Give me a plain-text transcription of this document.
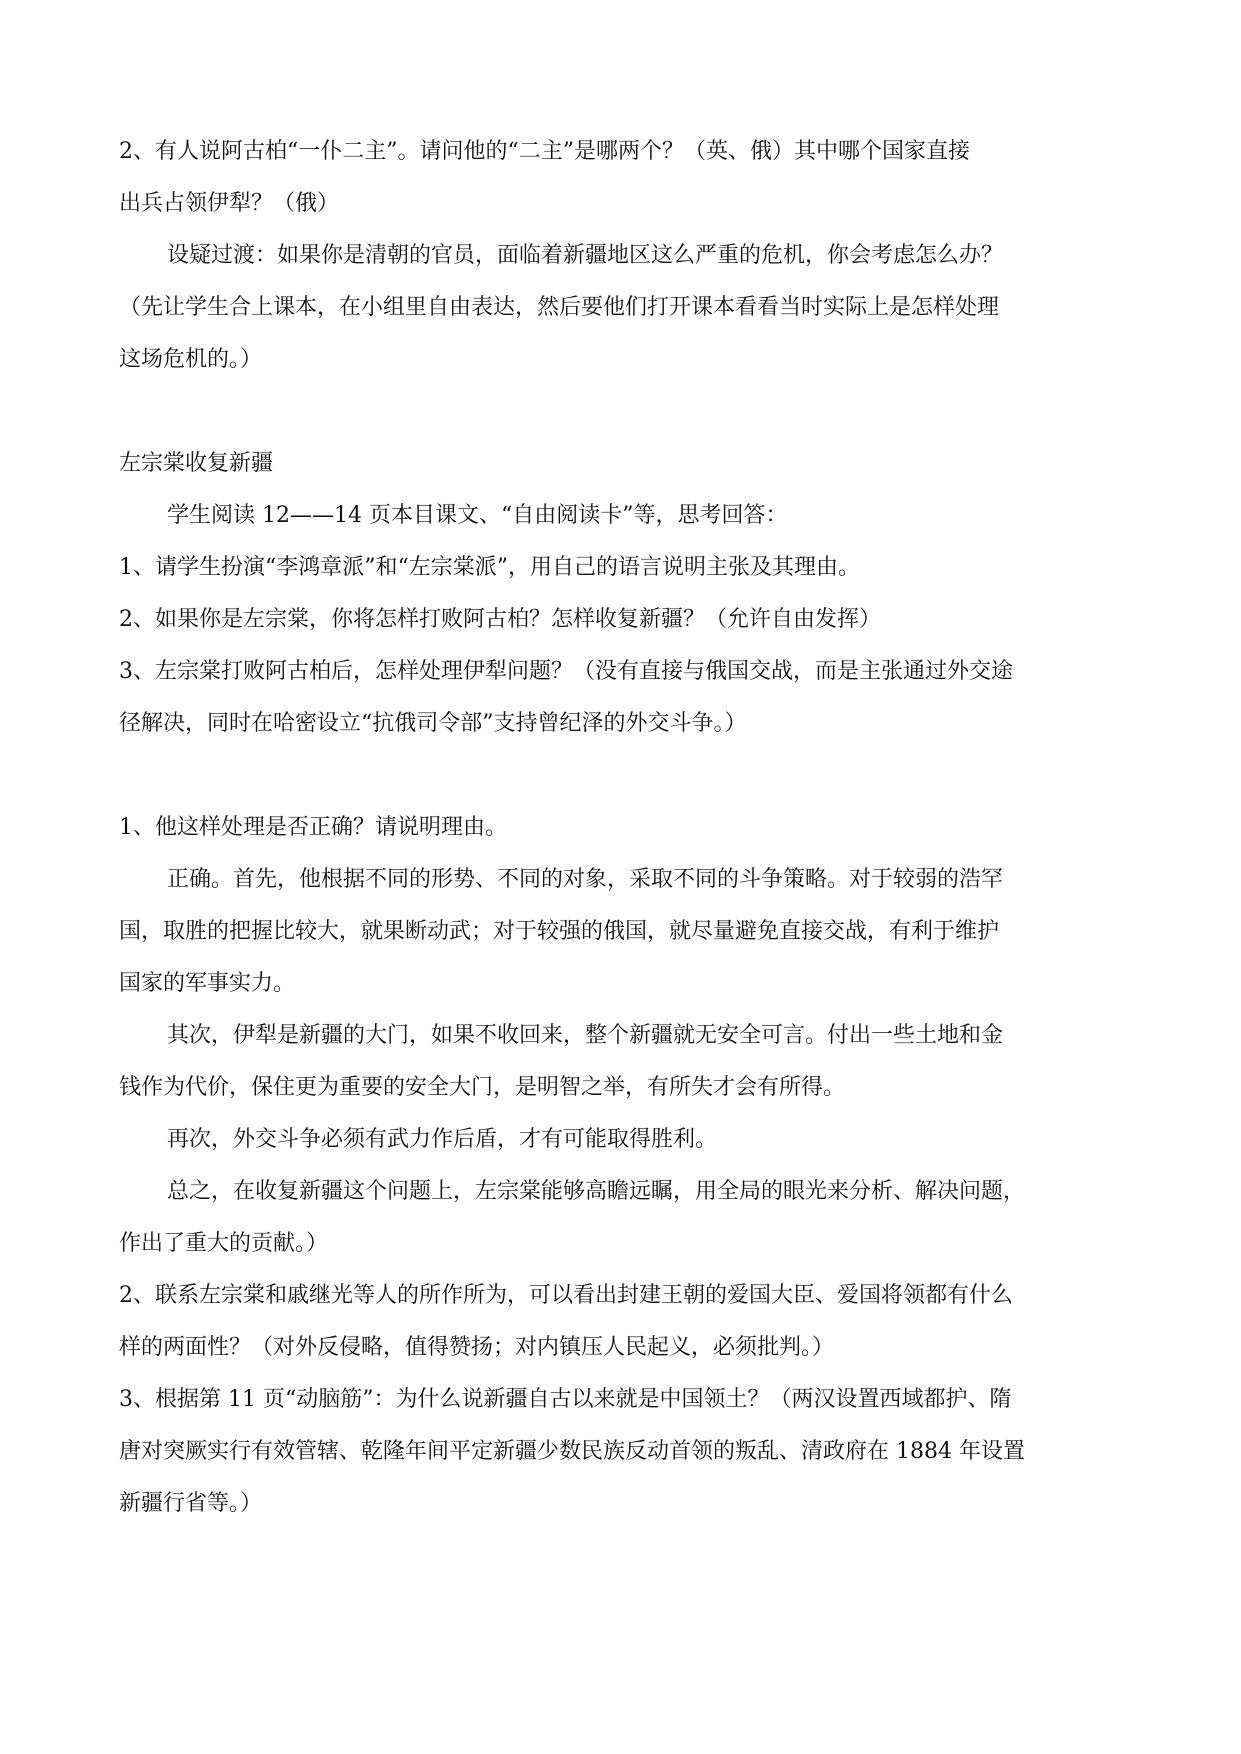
2、有人说阿古柏“一仆二主”。请问他的“二主”是哪两个？（英、俄）其中哪个国家直接
出兵占领伊犁？（俄）
设疑过渡：如果你是清朝的官员，面临着新疆地区这么严重的危机，你会考虑怎么办？
（先让学生合上课本，在小组里自由表达，然后要他们打开课本看看当时实际上是怎样处理
这场危机的。）
左宗棠收复新疆
学生阅读 12——14 页本目课文、“自由阅读卡”等，思考回答：
1、请学生扮演“李鸿章派”和“左宗棠派”，用自己的语言说明主张及其理由。
2、如果你是左宗棠，你将怎样打败阿古柏？怎样收复新疆？（允许自由发挥）
3、左宗棠打败阿古柏后，怎样处理伊犁问题？（没有直接与俄国交战，而是主张通过外交途
径解决，同时在哈密设立“抗俄司令部”支持曾纪泽的外交斗争。）
1、他这样处理是否正确？请说明理由。
正确。首先，他根据不同的形势、不同的对象，采取不同的斗争策略。对于较弱的浩罕
国，取胜的把握比较大，就果断动武；对于较强的俄国，就尽量避免直接交战，有利于维护
国家的军事实力。
其次，伊犁是新疆的大门，如果不收回来，整个新疆就无安全可言。付出一些土地和金
钱作为代价，保住更为重要的安全大门，是明智之举，有所失才会有所得。
再次，外交斗争必须有武力作后盾，才有可能取得胜利。
总之，在收复新疆这个问题上，左宗棠能够高瞻远瞩，用全局的眼光来分析、解决问题，
作出了重大的贡献。）
2、联系左宗棠和戚继光等人的所作所为，可以看出封建王朝的爱国大臣、爱国将领都有什么
样的两面性？（对外反侵略，值得赞扬；对内镇压人民起义，必须批判。）
3、根据第 11 页“动脑筋”：为什么说新疆自古以来就是中国领土？（两汉设置西域都护、隋
唐对突厥实行有效管辖、乾隆年间平定新疆少数民族反动首领的叛乱、清政府在 1884 年设置
新疆行省等。）
